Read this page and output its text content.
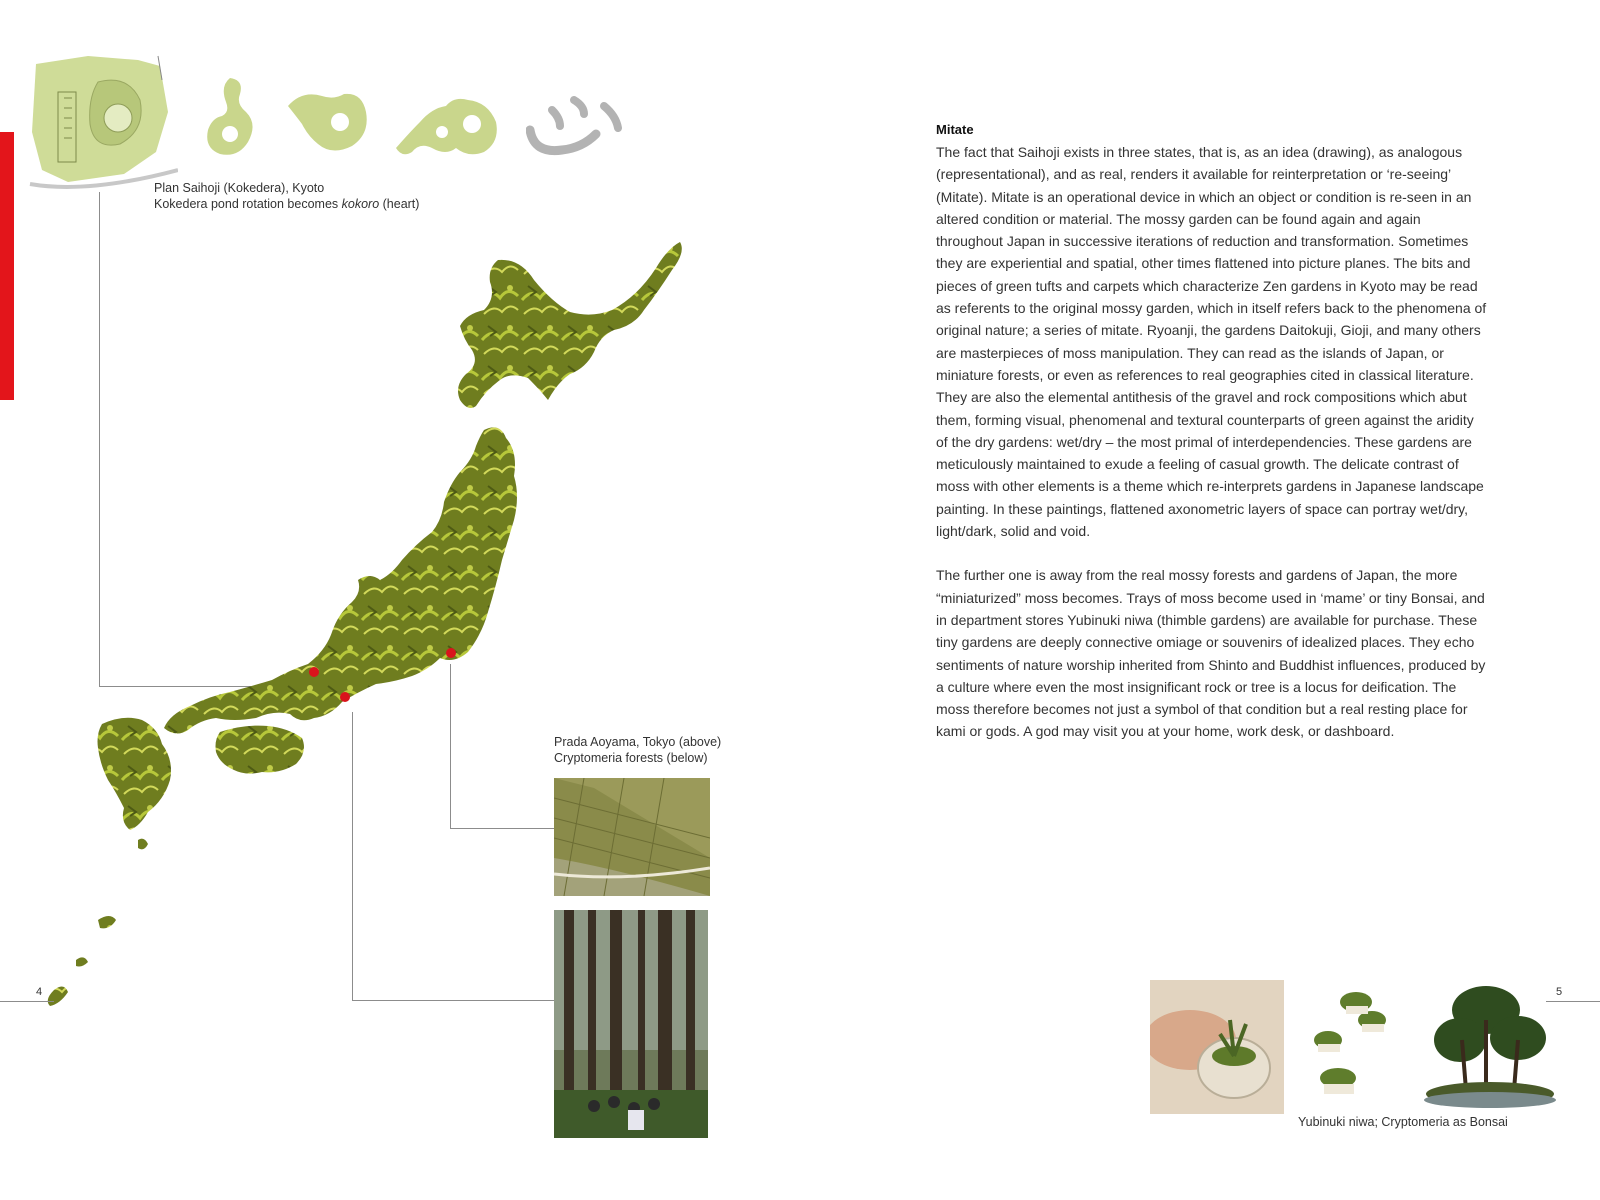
Plan Saihoji (Kokedera), Kyoto
Kokedera pond rotation becomes kokoro (heart)
Prada Aoyama, Tokyo (above)
Cryptomeria forests (below)
4
Mitate

The fact that Saihoji exists in three states, that is, as an idea (drawing), as analogous (representational), and as real, renders it available for reinterpretation or ‘re-seeing’ (Mitate). Mitate is an operational device in which an object or condition is re-seen in an altered condition or material. The mossy garden can be found again and again throughout Japan in successive iterations of reduction and transformation. Sometimes they are experiential and spatial, other times flattened into picture planes. The bits and pieces of green tufts and carpets which characterize Zen gardens in Kyoto may be read as referents to the original mossy garden, which in itself refers back to the phenomena of original nature; a series of mitate. Ryoanji, the gardens Daitokuji, Gioji, and many others are masterpieces of moss manipulation. They can read as the islands of Japan, or miniature forests, or even as references to real geographies cited in classical literature. They are also the elemental antithesis of the gravel and rock compositions which abut them, forming visual, phenomenal and textural counterparts of green against the aridity of the dry gardens: wet/dry – the most primal of interdependencies. These gardens are meticulously maintained to exude a feeling of casual growth. The delicate contrast of moss with other elements is a theme which re-interprets gardens in Japanese landscape painting. In these paintings, flattened axonometric layers of space can portray wet/dry, light/dark, solid and void.

The further one is away from the real mossy forests and gardens of Japan, the more “miniaturized” moss becomes. Trays of moss become used in ‘mame’ or tiny Bonsai, and in department stores Yubinuki niwa (thimble gardens) are available for purchase. These tiny gardens are deeply connective omiage or souvenirs of idealized places. They echo sentiments of nature worship inherited from Shinto and Buddhist influences, produced by a culture where even the most insignificant rock or tree is a locus for deification. The moss therefore becomes not just a symbol of that condition but a real resting place for kami or gods. A god may visit you at your home, work desk, or dashboard.

Yubinuki niwa; Cryptomeria as Bonsai
5
